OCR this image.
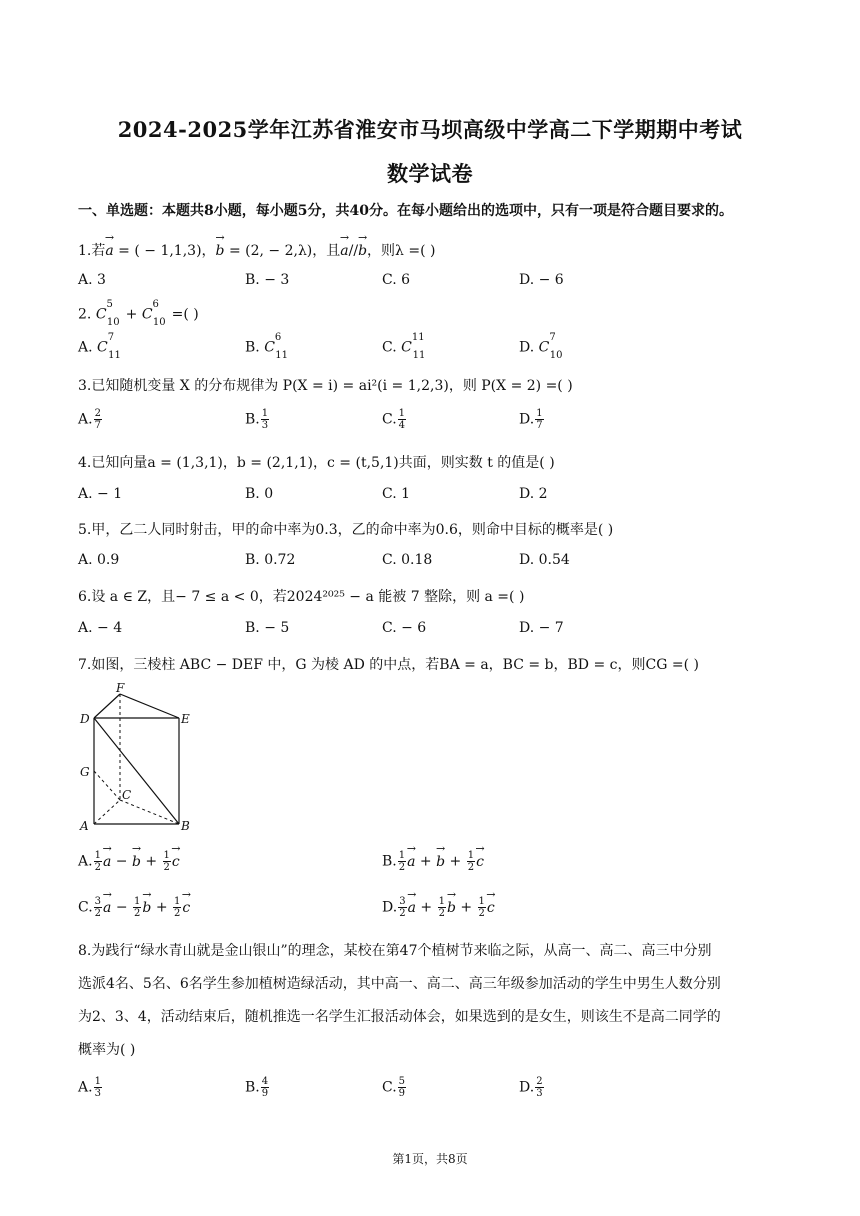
2024-2025学年江苏省淮安市马坝高级中学高二下学期期中考试
数学试卷
一、单选题：本题共8小题，每小题5分，共40分。在每小题给出的选项中，只有一项是符合题目要求的。
1.若→ a = ( − 1,1,3)，→ b = (2, − 2,λ)，且→ a//→ b，则λ =( )
A. 3	B. − 3	C. 6	D. − 6
2. $C^5_{10}+ C^6_{10}=$( )
A. $C^7_{11}$
B. $C^6_{11}$
C. $C^{11}_{11}$
D. $C^7_{10}$
3.已知随机变量 X 的分布规律为 P(X = i) = ai²(i = 1,2,3)，则 P(X = 2) =( )
A. $\frac{2}{7}$	B. $\frac{1}{3}$	C. $\frac{1}{4}$	D. $\frac{1}{7}$
4.已知向量a = (1,3,1)，b = (2,1,1)，c = (t,5,1)共面，则实数 t 的值是( )
A. − 1	B. 0	C. 1	D. 2
5.甲，乙二人同时射击，甲的命中率为0.3，乙的命中率为0.6，则命中目标的概率是( )
A. 0.9	B. 0.72	C. 0.18	D. 0.54
6.设 a ∈ Z，且− 7 ≤ a < 0，若2024²⁰²⁵ − a 能被 7 整除，则 a =( )
A. − 4	B. − 5	C. − 6	D. − 7
7.如图，三棱柱 ABC − DEF 中，G 为棱 AD 的中点，若BA = a，BC = b，BD = c，则CG =( )
F
D	E
G
C
A	B
A. $\frac{1}{2}$
→ a − → $b + \frac{1}{2}$
→ c	B. $\frac{1}{2}$
→ a + → $b + \frac{1}{2}$
→ c
C. $\frac{3}{2}$
→ $a - \frac{1}{2}$
→ $b + \frac{1}{2}$
→ c	D. $\frac{3}{2}$
→ $a + \frac{1}{2}$
→ $b + \frac{1}{2}$
→ c
8.为践行“绿水青山就是金山银山”的理念，某校在第47个植树节来临之际，从高一、高二、高三中分别
选派4名、5名、6名学生参加植树造绿活动，其中高一、高二、高三年级参加活动的学生中男生人数分别
为2、3、4，活动结束后，随机推选一名学生汇报活动体会，如果选到的是女生，则该生不是高二同学的
概率为( )
A. $\frac{1}{3}$	B. $\frac{4}{9}$	C. $\frac{5}{9}$	D. $\frac{2}{3}$
第1页，共8页
